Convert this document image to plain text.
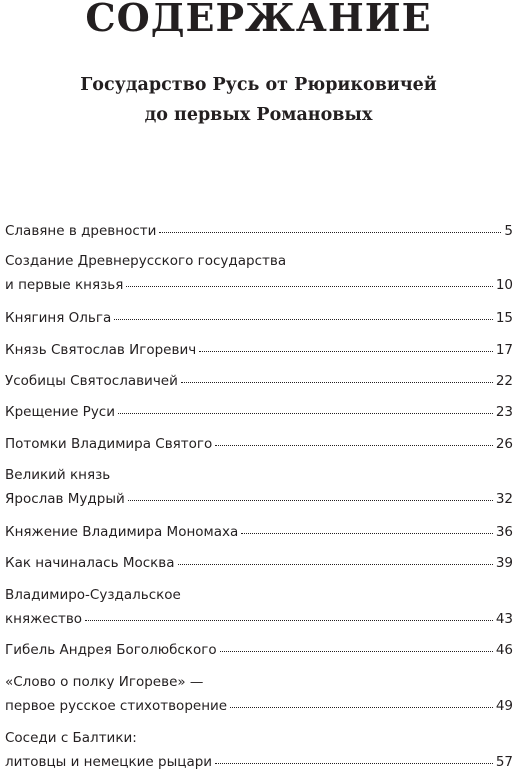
СОДЕРЖАНИЕ
Государство Русь от Рюриковичей
до первых Романовых
Славяне в древности	5
Создание Древнерусского государства
и первые князья	10
Княгиня Ольга	15
Князь Святослав Игоревич	17
Усобицы Святославичей	22
Крещение Руси	23
Потомки Владимира Святого	26
Великий князь
Ярослав Мудрый	32
Княжение Владимира Мономаха	36
Как начиналась Москва	39
Владимиро-Суздальское
княжество	43
Гибель Андрея Боголюбского	46
«Слово о полку Игореве» —
первое русское стихотворение	49
Соседи с Балтики:
литовцы и немецкие рыцари	57
